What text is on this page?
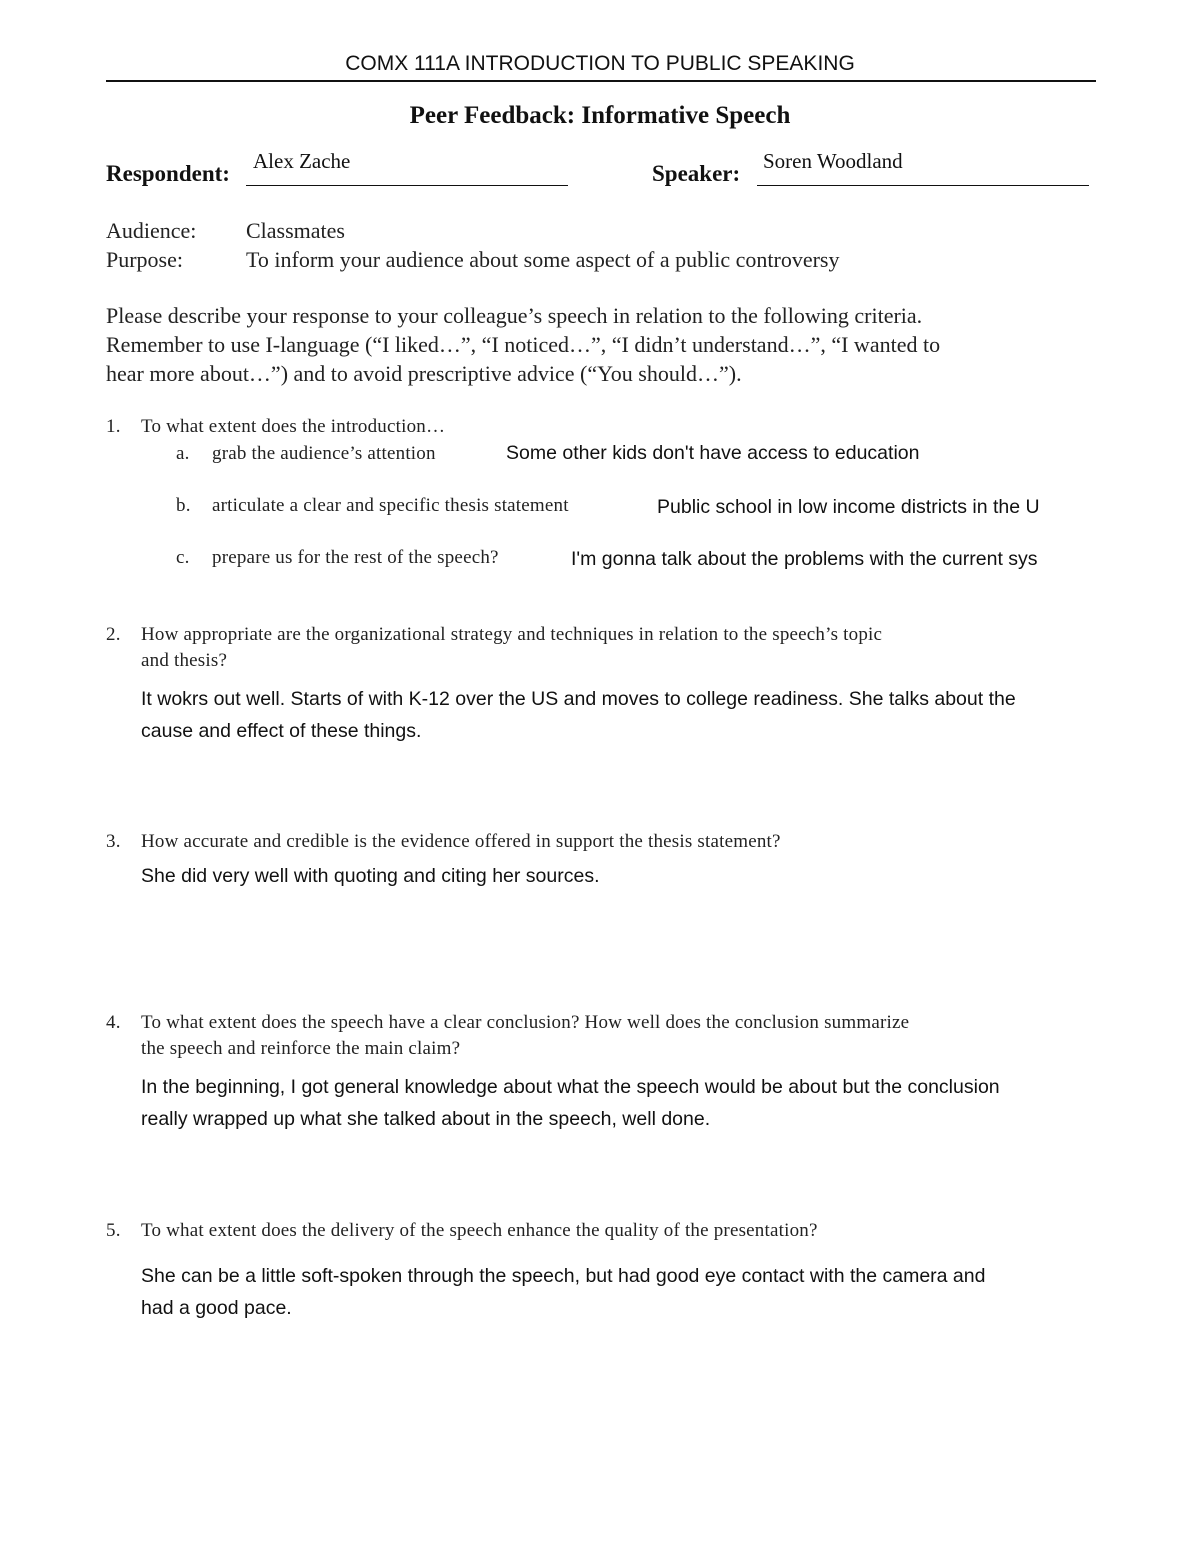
COMX 111A INTRODUCTION TO PUBLIC SPEAKING
Peer Feedback: Informative Speech
Respondent: Alex Zache	Speaker: Soren Woodland
Audience: Classmates
Purpose:	To inform your audience about some aspect of a public controversy
Please describe your response to your colleague’s speech in relation to the following criteria.
Remember to use I-language (“I liked…”, “I noticed…”, “I didn’t understand…”, “I wanted to
hear more about…”) and to avoid prescriptive advice (“You should…”).
1. To what extent does the introduction…
a. grab the audience’s attention	Some other kids don't have access to education
b. articulate a clear and specific thesis statement	Public school in low income districts in the U
c. prepare us for the rest of the speech?	I'm gonna talk about the problems with the current sys
2. How appropriate are the organizational strategy and techniques in relation to the speech’s topic
and thesis?
It wokrs out well. Starts of with K-12 over the US and moves to college readiness. She talks about the
cause and effect of these things.
3. How accurate and credible is the evidence offered in support the thesis statement?
She did very well with quoting and citing her sources.
4. To what extent does the speech have a clear conclusion? How well does the conclusion summarize
the speech and reinforce the main claim?
In the beginning, I got general knowledge about what the speech would be about but the conclusion
really wrapped up what she talked about in the speech, well done.
5. To what extent does the delivery of the speech enhance the quality of the presentation?
She can be a little soft-spoken through the speech, but had good eye contact with the camera and
had a good pace.
